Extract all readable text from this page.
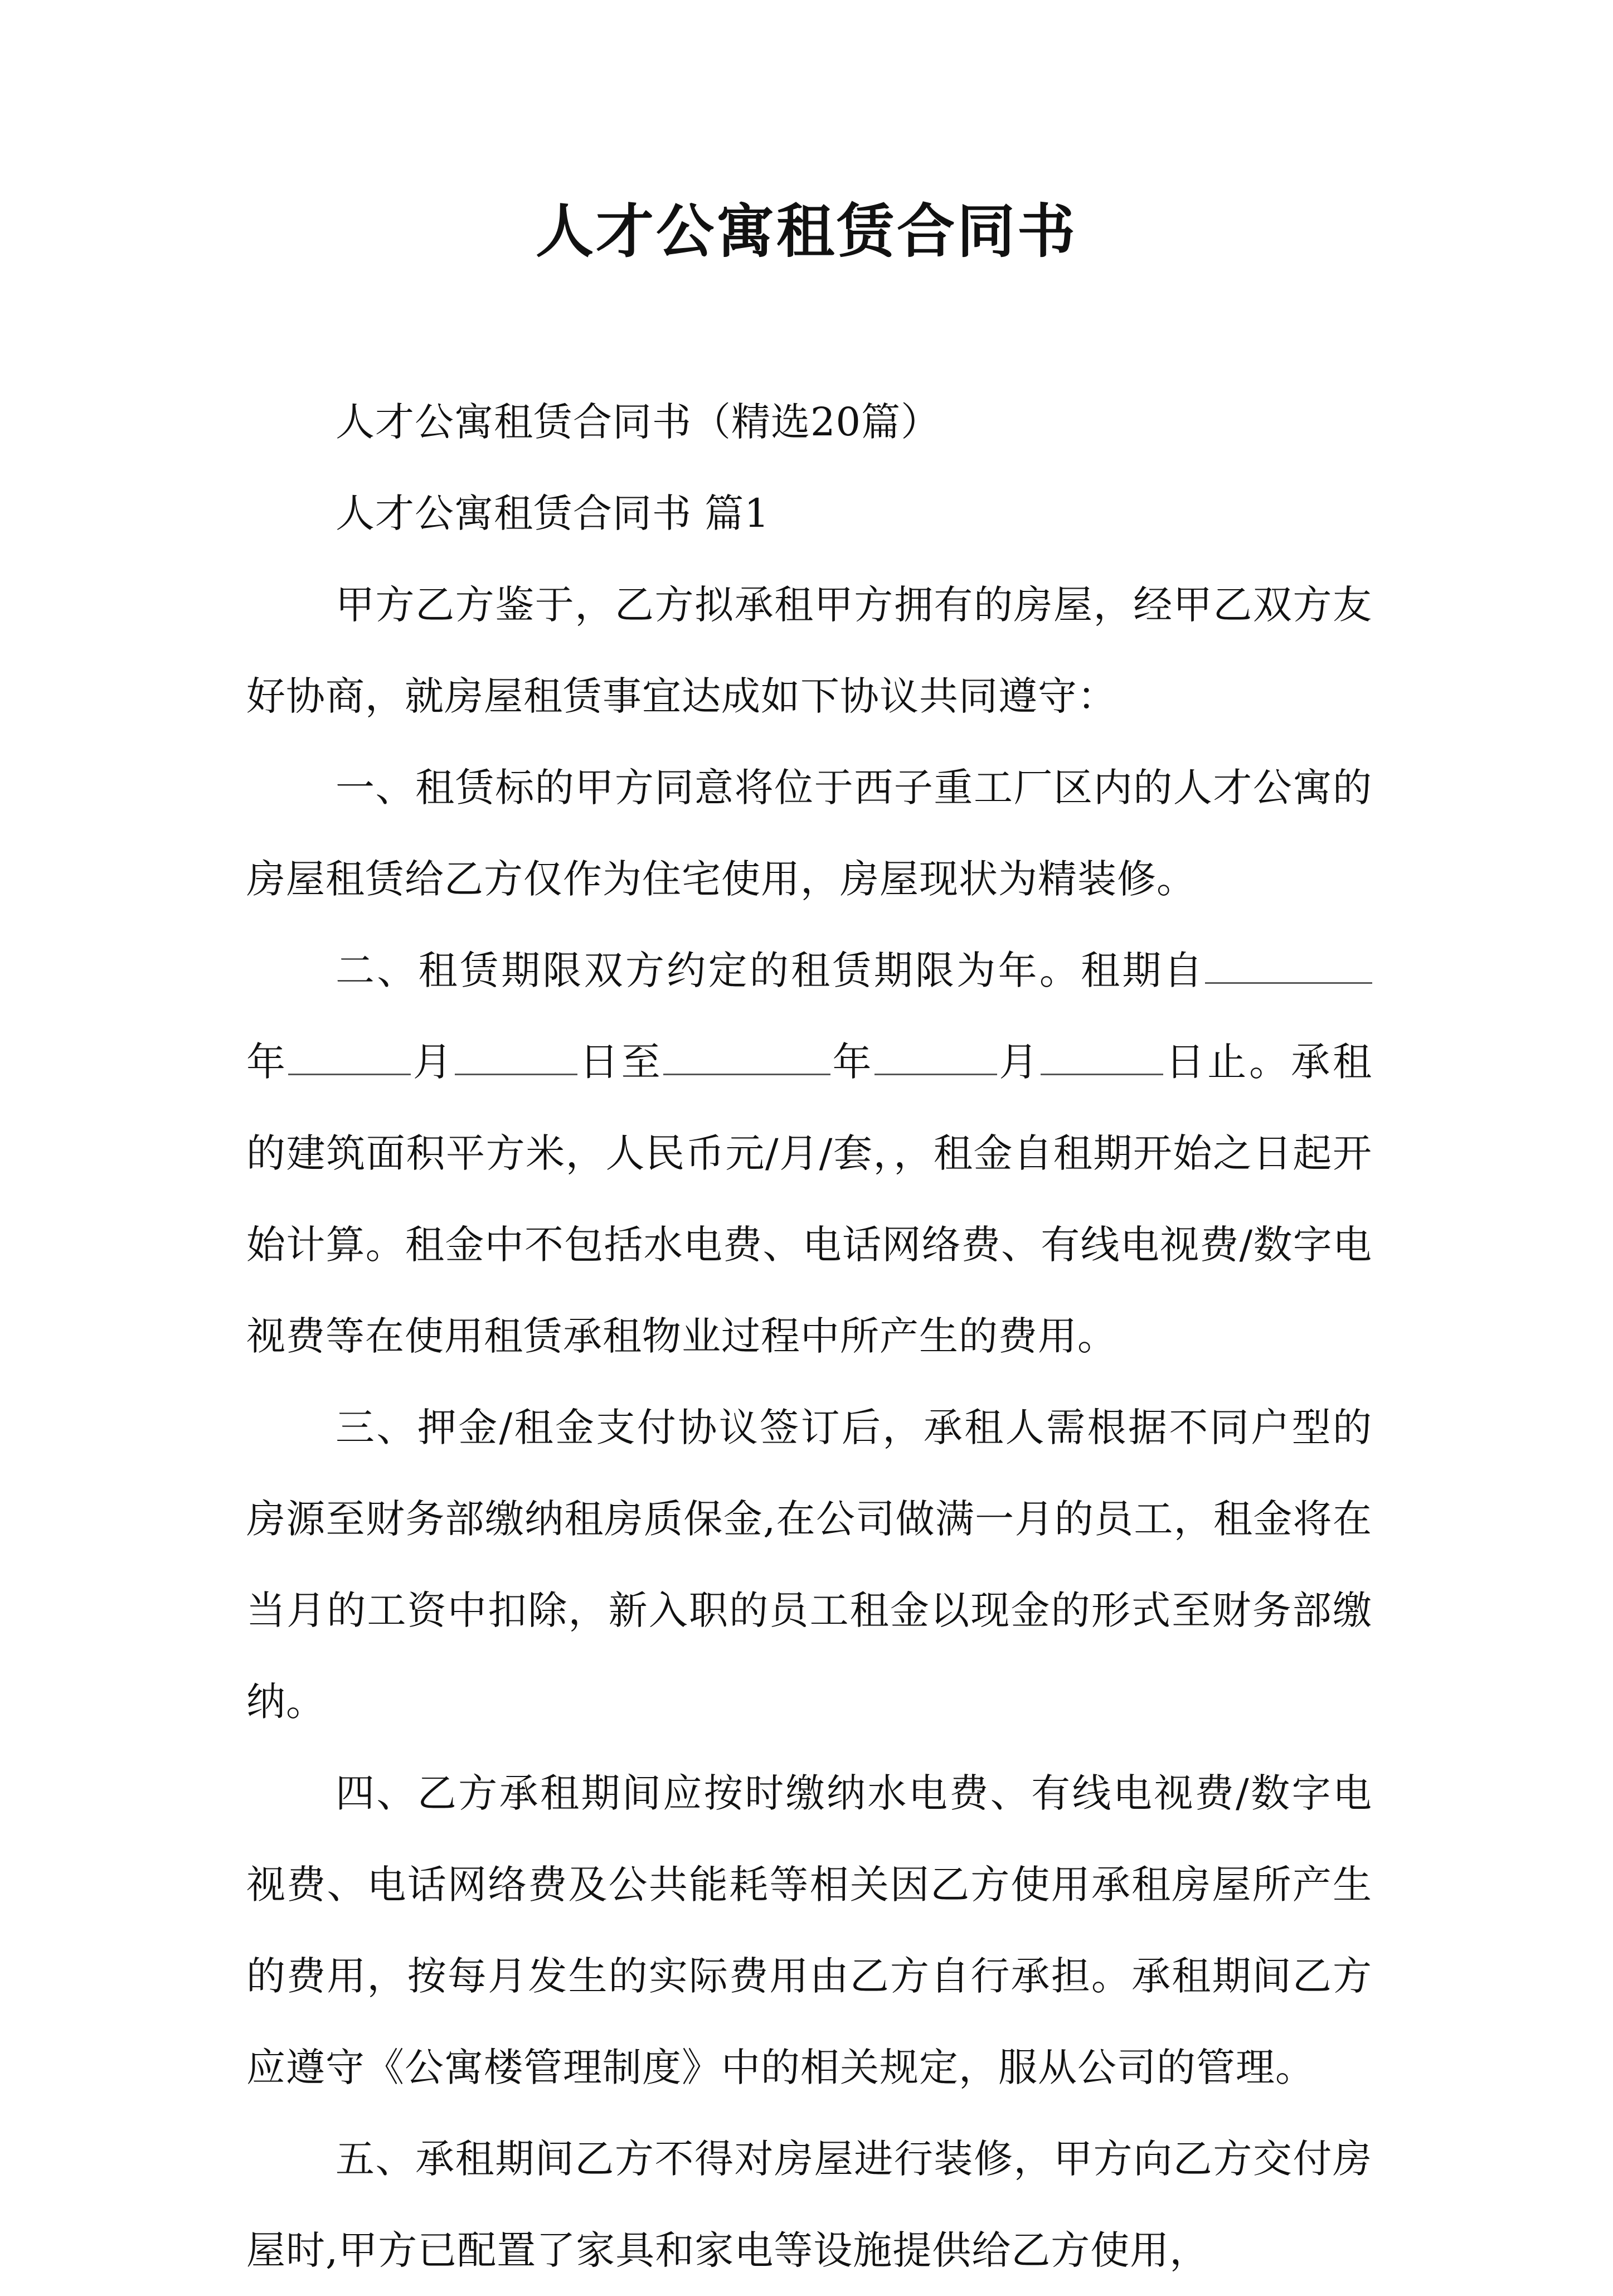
人才公寓租赁合同书

人才公寓租赁合同书（精选20篇）

人才公寓租赁合同书 篇1

甲方乙方鉴于，乙方拟承租甲方拥有的房屋，经甲乙双方友好协商，就房屋租赁事宜达成如下协议共同遵守：

一、租赁标的甲方同意将位于西子重工厂区内的人才公寓的房屋租赁给乙方仅作为住宅使用，房屋现状为精装修。

二、租赁期限双方约定的租赁期限为年。租期自年	月	日至	年	月	日止。承租的建筑面积平方米，人民币元/月/套，，租金自租期开始之日起开始计算。租金中不包括水电费、电话网络费、有线电视费/数字电视费等在使用租赁承租物业过程中所产生的费用。

三、押金/租金支付协议签订后，承租人需根据不同户型的房源至财务部缴纳租房质保金,在公司做满一月的员工，租金将在当月的工资中扣除，新入职的员工租金以现金的形式至财务部缴纳。

四、乙方承租期间应按时缴纳水电费、有线电视费/数字电视费、电话网络费及公共能耗等相关因乙方使用承租房屋所产生的费用，按每月发生的实际费用由乙方自行承担。承租期间乙方应遵守《公寓楼管理制度》中的相关规定，服从公司的管理。

五、承租期间乙方不得对房屋进行装修，甲方向乙方交付房屋时,甲方已配置了家具和家电等设施提供给乙方使用，
